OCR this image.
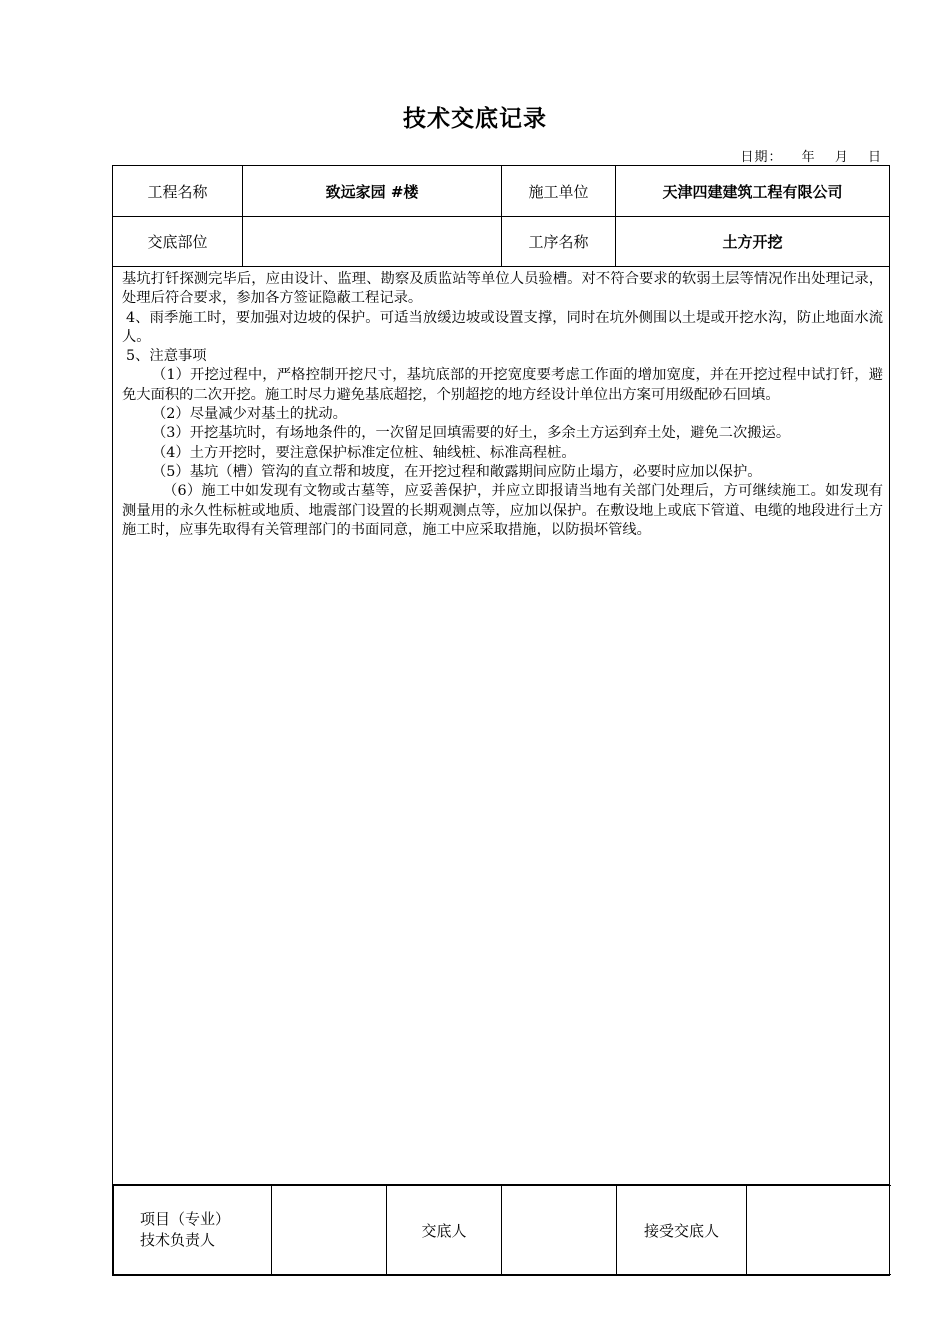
技术交底记录
日期： 年 月 日
工程名称	致远家园 #楼	施工单位	天津四建建筑工程有限公司
交底部位		工序名称	土方开挖

基坑打钎探测完毕后，应由设计、监理、勘察及质监站等单位人员验槽。对不符合要求的软弱土层等情况作出处理记录，处理后符合要求，参加各方签证隐蔽工程记录。

4、雨季施工时，要加强对边坡的保护。可适当放缓边坡或设置支撑，同时在坑外侧围以土堤或开挖水沟，防止地面水流人。

5、注意事项

（1）开挖过程中，严格控制开挖尺寸，基坑底部的开挖宽度要考虑工作面的增加宽度，并在开挖过程中试打钎，避免大面积的二次开挖。施工时尽力避免基底超挖，个别超挖的地方经设计单位出方案可用级配砂石回填。

（2）尽量减少对基土的扰动。

（3）开挖基坑时，有场地条件的，一次留足回填需要的好土，多余土方运到弃土处，避免二次搬运。

（4）土方开挖时，要注意保护标准定位桩、轴线桩、标准高程桩。

（5）基坑（槽）管沟的直立帮和坡度，在开挖过程和敞露期间应防止塌方，必要时应加以保护。

（6）施工中如发现有文物或古墓等，应妥善保护，并应立即报请当地有关部门处理后，方可继续施工。如发现有测量用的永久性标桩或地质、地震部门设置的长期观测点等，应加以保护。在敷设地上或底下管道、电缆的地段进行土方施工时，应事先取得有关管理部门的书面同意，施工中应采取措施，以防损坏管线。

项目（专业）
技术负责人
		交底人		接受交底人	
